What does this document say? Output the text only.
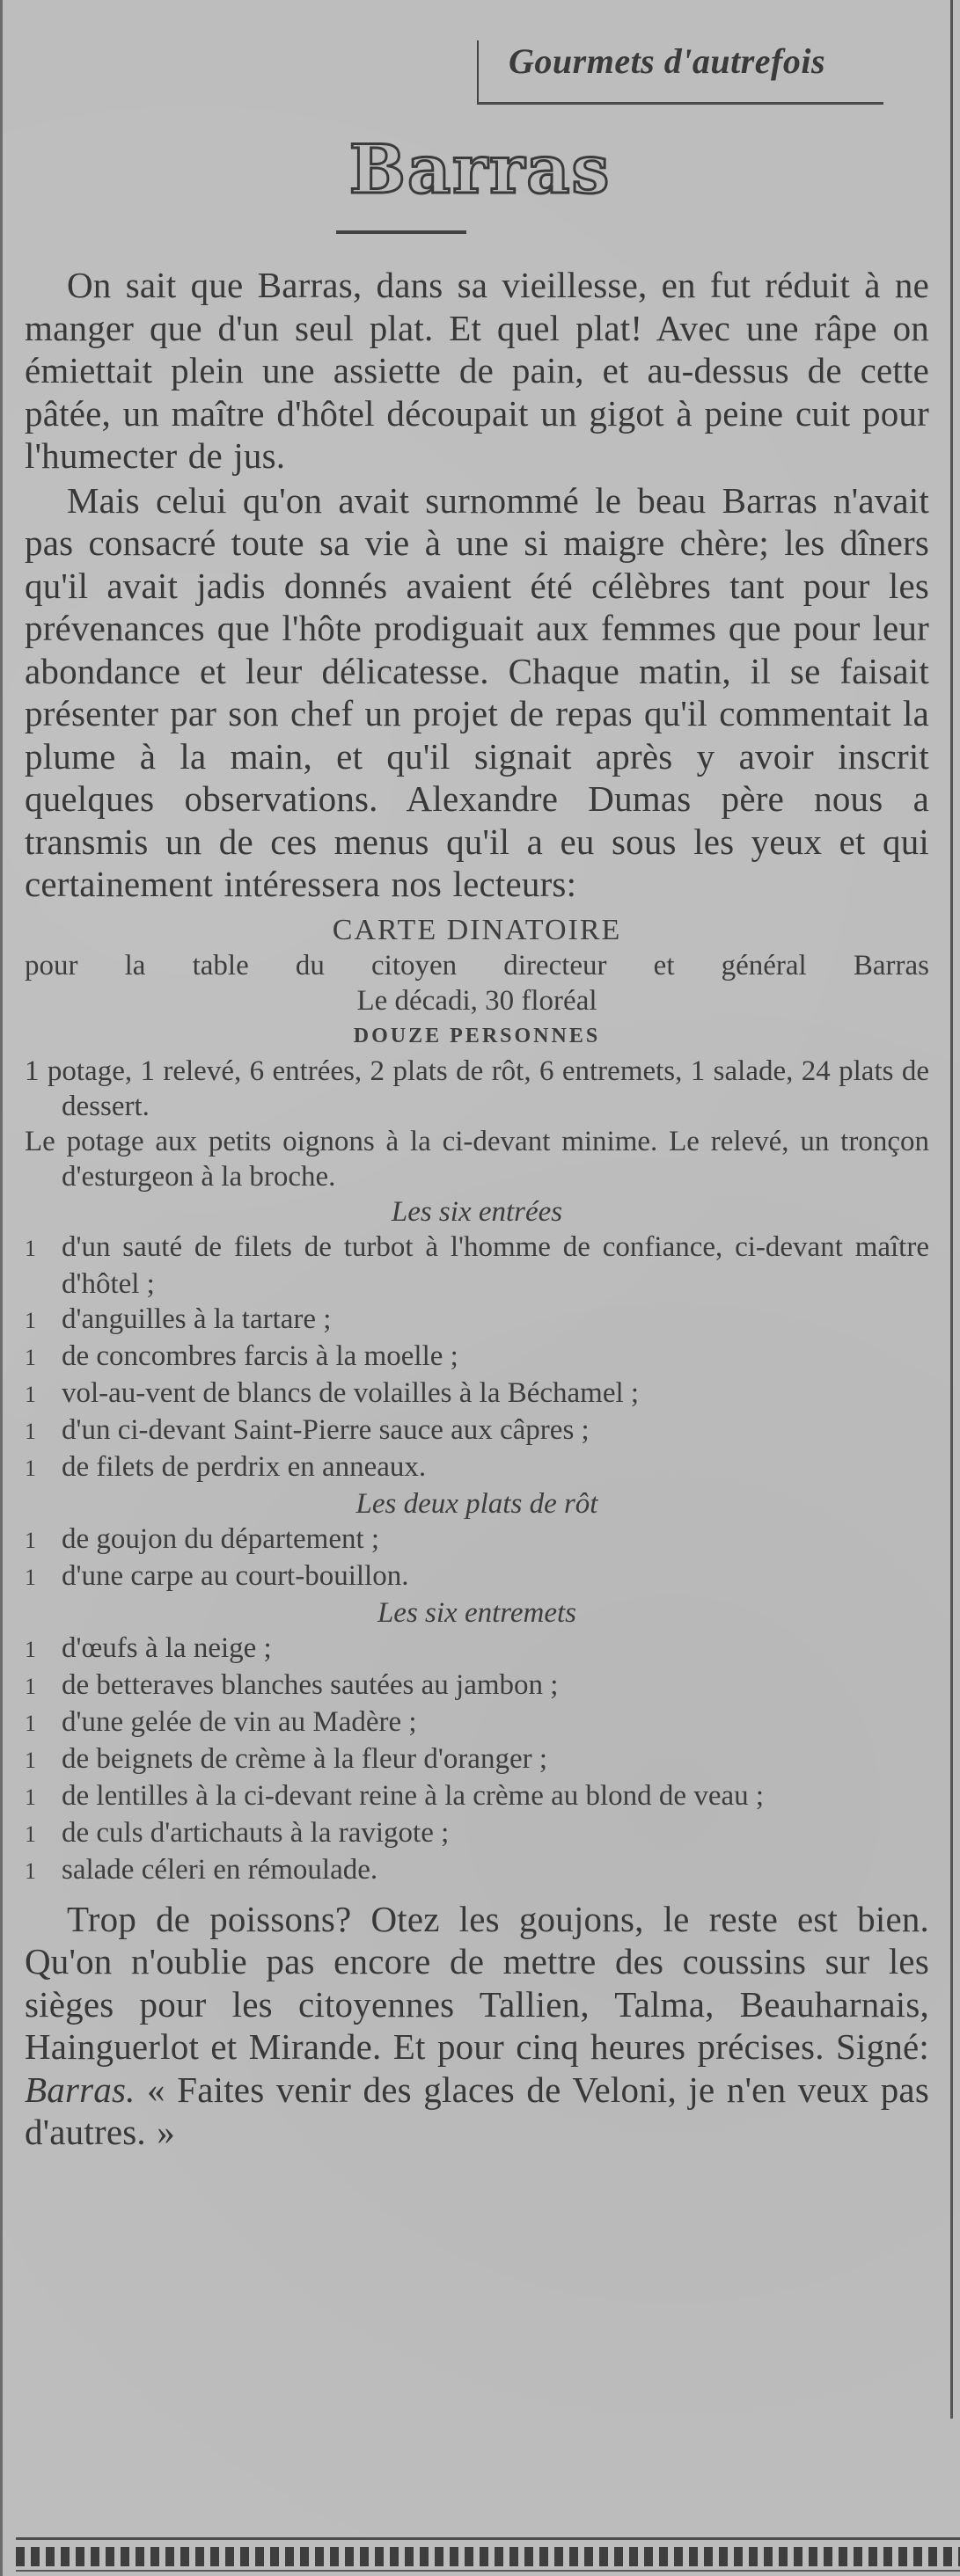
Gourmets d'autrefois
Barras

On sait que Barras, dans sa vieillesse, en fut réduit à ne manger que d'un seul plat. Et quel plat! Avec une râpe on émiettait plein une assiette de pain, et au-dessus de cette pâtée, un maître d'hôtel découpait un gigot à peine cuit pour l'humecter de jus.

Mais celui qu'on avait surnommé le beau Barras n'avait pas consacré toute sa vie à une si maigre chère; les dîners qu'il avait jadis donnés avaient été célèbres tant pour les prévenances que l'hôte prodiguait aux femmes que pour leur abondance et leur délicatesse. Chaque matin, il se faisait présenter par son chef un projet de repas qu'il commentait la plume à la main, et qu'il signait après y avoir inscrit quelques observations. Alexandre Dumas père nous a transmis un de ces menus qu'il a eu sous les yeux et qui certainement intéressera nos lecteurs:

CARTE DINATOIRE
pour la table du citoyen directeur et général Barras
Le décadi, 30 floréal
DOUZE PERSONNES
1 potage, 1 relevé, 6 entrées, 2 plats de rôt, 6 entremets, 1 salade, 24 plats de dessert.
Le potage aux petits oignons à la ci-devant minime. Le relevé, un tronçon d'esturgeon à la broche.
Les six entrées

1 d'un sauté de filets de turbot à l'homme de confiance, ci-devant maître d'hôtel ;

1 d'anguilles à la tartare ;

1 de concombres farcis à la moelle ;

1 vol-au-vent de blancs de volailles à la Béchamel ;

1 d'un ci-devant Saint-Pierre sauce aux câpres ;

1 de filets de perdrix en anneaux.

Les deux plats de rôt

1 de goujon du département ;

1 d'une carpe au court-bouillon.

Les six entremets

1 d'œufs à la neige ;

1 de betteraves blanches sautées au jambon ;

1 d'une gelée de vin au Madère ;

1 de beignets de crème à la fleur d'oranger ;

1 de lentilles à la ci-devant reine à la crème au blond de veau ;

1 de culs d'artichauts à la ravigote ;

1 salade céleri en rémoulade.

Trop de poissons? Otez les goujons, le reste est bien. Qu'on n'oublie pas encore de mettre des coussins sur les sièges pour les citoyennes Tallien, Talma, Beauharnais, Hainguerlot et Mirande. Et pour cinq heures précises. Signé: Barras. « Faites venir des glaces de Veloni, je n'en veux pas d'autres. »
